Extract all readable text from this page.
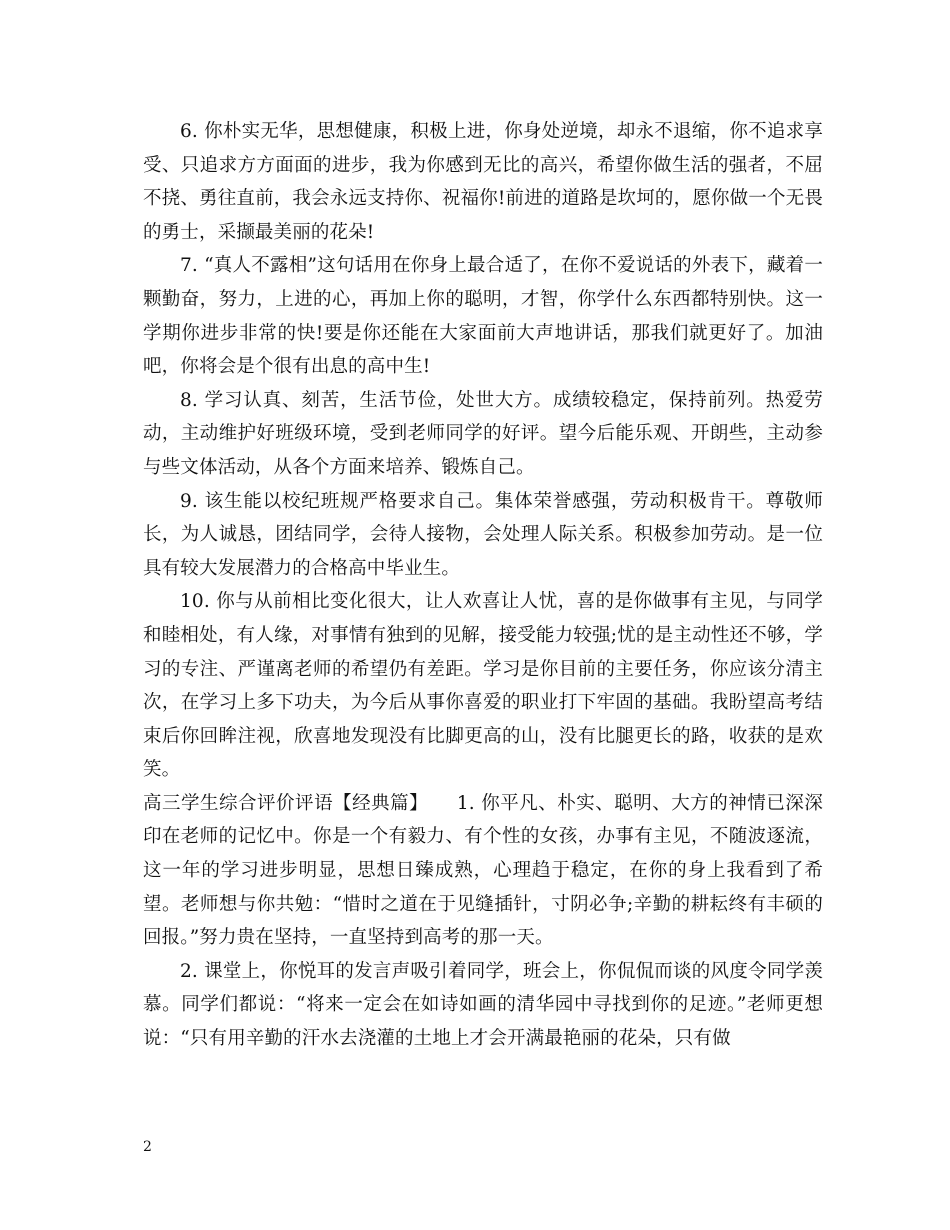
6. 你朴实无华，思想健康，积极上进，你身处逆境，却永不退缩，你不追求享受、只追求方方面面的进步，我为你感到无比的高兴，希望你做生活的强者，不屈不挠、勇往直前，我会永远支持你、祝福你!前进的道路是坎坷的，愿你做一个无畏的勇士，采撷最美丽的花朵!

7. “真人不露相”这句话用在你身上最合适了，在你不爱说话的外表下，藏着一颗勤奋，努力，上进的心，再加上你的聪明，才智，你学什么东西都特别快。这一学期你进步非常的快!要是你还能在大家面前大声地讲话，那我们就更好了。加油吧，你将会是个很有出息的高中生!

8. 学习认真、刻苦，生活节俭，处世大方。成绩较稳定，保持前列。热爱劳动，主动维护好班级环境，受到老师同学的好评。望今后能乐观、开朗些，主动参与些文体活动，从各个方面来培养、锻炼自己。

9. 该生能以校纪班规严格要求自己。集体荣誉感强，劳动积极肯干。尊敬师长，为人诚恳，团结同学，会待人接物，会处理人际关系。积极参加劳动。是一位具有较大发展潜力的合格高中毕业生。

10. 你与从前相比变化很大，让人欢喜让人忧，喜的是你做事有主见，与同学和睦相处，有人缘，对事情有独到的见解，接受能力较强;忧的是主动性还不够，学习的专注、严谨离老师的希望仍有差距。学习是你目前的主要任务，你应该分清主次，在学习上多下功夫，为今后从事你喜爱的职业打下牢固的基础。我盼望高考结束后你回眸注视，欣喜地发现没有比脚更高的山，没有比腿更长的路，收获的是欢笑。

高三学生综合评价评语【经典篇】　　1. 你平凡、朴实、聪明、大方的神情已深深印在老师的记忆中。你是一个有毅力、有个性的女孩，办事有主见，不随波逐流，这一年的学习进步明显，思想日臻成熟，心理趋于稳定，在你的身上我看到了希望。老师想与你共勉：“惜时之道在于见缝插针，寸阴必争;辛勤的耕耘终有丰硕的回报。”努力贵在坚持，一直坚持到高考的那一天。

2. 课堂上，你悦耳的发言声吸引着同学，班会上，你侃侃而谈的风度令同学羡慕。同学们都说：“将来一定会在如诗如画的清华园中寻找到你的足迹。”老师更想说：“只有用辛勤的汗水去浇灌的土地上才会开满最艳丽的花朵，只有做

2
